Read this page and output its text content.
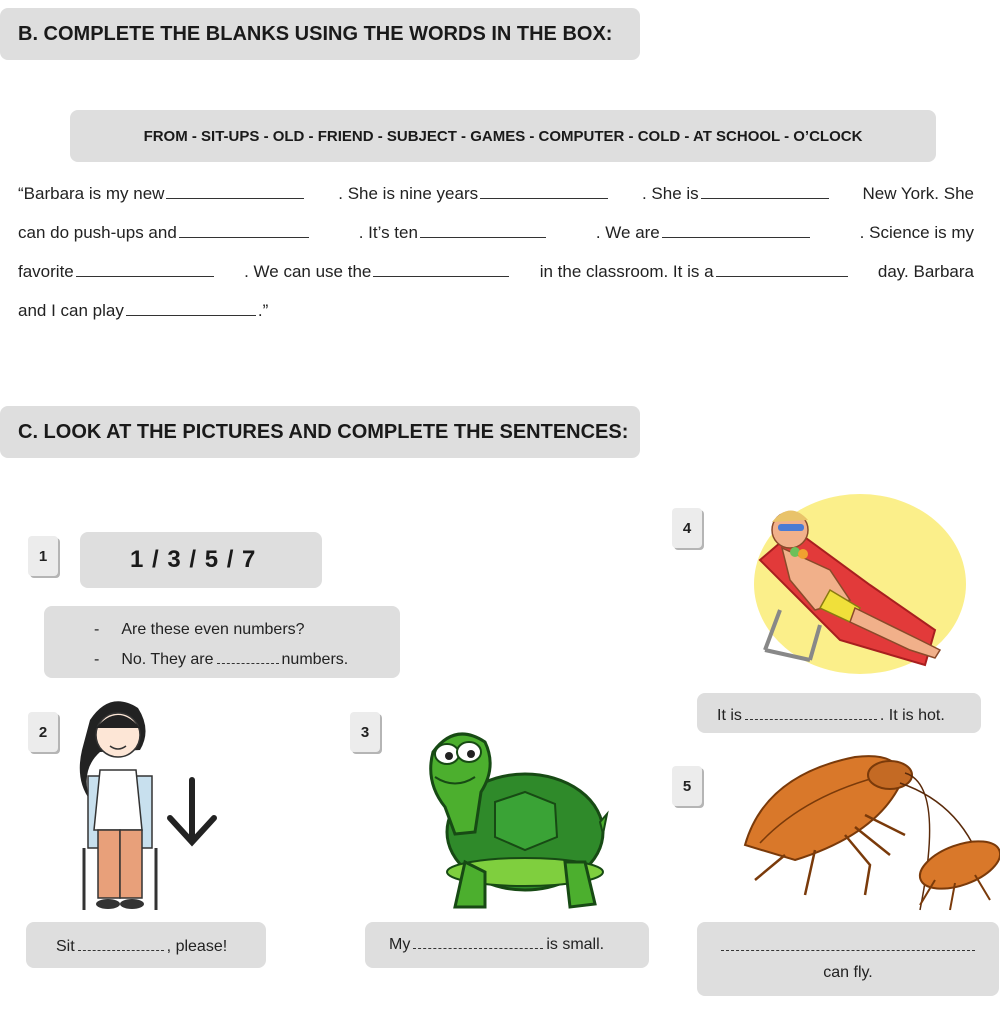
B. COMPLETE THE BLANKS USING THE WORDS IN THE BOX:
FROM - SIT-UPS - OLD - FRIEND - SUBJECT - GAMES - COMPUTER - COLD - AT SCHOOL - O’CLOCK
“Barbara is my new	. She is nine years	. She is	New York. She
can do push-ups and	. It’s ten	. We are	. Science is my
favorite	. We can use the	in the classroom. It is a	day. Barbara
and I can play	.”
C. LOOK AT THE PICTURES AND COMPLETE THE SENTENCES:
1	1 / 3 / 5 / 7
- Are these even numbers?
- No. They are	numbers.
4
It is	. It is hot.
2
Sit	, please!
3
My	is small.
5
can fly.
